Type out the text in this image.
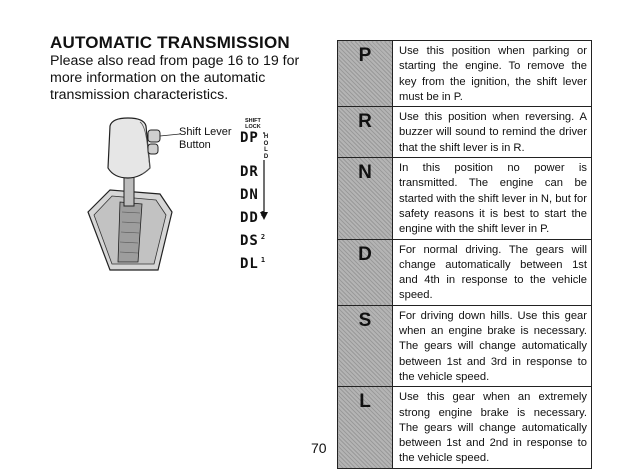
AUTOMATIC TRANSMISSION
Please also read from page 16 to 19 for more information on the automatic transmission characteristics.
Shift Lever
Button
SHIFT
LOCK
DP
DR
DN
DD
DS $^2$
DL $^1$
HOLD
P	Use this position when parking or starting the engine. To remove the key from the ignition, the shift lever must be in P.
R	Use this position when reversing. A buzzer will sound to remind the driver that the shift lever is in R.
N	In this position no power is transmitted. The engine can be started with the shift lever in N, but for safety reasons it is best to start the engine with the shift lever in P.
D	For normal driving. The gears will change automatically between 1st and 4th in response to the vehicle speed.
S	For driving down hills. Use this gear when an engine brake is necessary. The gears will change automatically between 1st and 3rd in response to the vehicle speed.
L	Use this gear when an extremely strong engine brake is necessary. The gears will change automatically between 1st and 2nd in response to the vehicle speed.
70
